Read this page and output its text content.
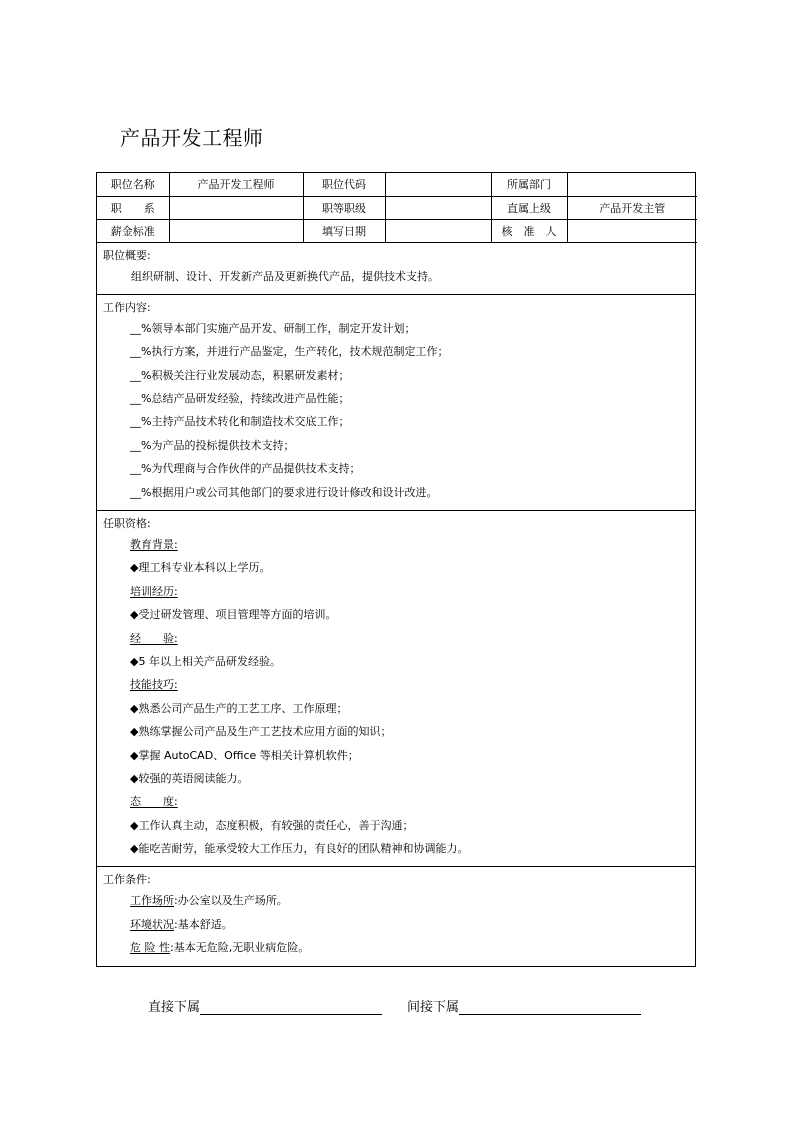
产品开发工程师
职位名称	产品开发工程师	职位代码		所属部门	
职　　系		职等职级		直属上级	产品开发主管
薪金标准		填写日期		核　准　人	
职位概要:
组织研制、设计、开发新产品及更新换代产品，提供技术支持。
工作内容:
__%领导本部门实施产品开发、研制工作，制定开发计划；
__%执行方案，并进行产品鉴定，生产转化，技术规范制定工作；
__%积极关注行业发展动态，积累研发素材；
__%总结产品研发经验，持续改进产品性能；
__%主持产品技术转化和制造技术交底工作；
__%为产品的投标提供技术支持；
__%为代理商与合作伙伴的产品提供技术支持；
__%根据用户或公司其他部门的要求进行设计修改和设计改进。
任职资格:
教育背景:
◆理工科专业本科以上学历。
培训经历:
◆受过研发管理、项目管理等方面的培训。
经　　验:
◆5 年以上相关产品研发经验。
技能技巧:
◆熟悉公司产品生产的工艺工序、工作原理；
◆熟练掌握公司产品及生产工艺技术应用方面的知识；
◆掌握 AutoCAD、Office 等相关计算机软件；
◆较强的英语阅读能力。
态　　度:
◆工作认真主动，态度积极，有较强的责任心，善于沟通；
◆能吃苦耐劳，能承受较大工作压力，有良好的团队精神和协调能力。
工作条件:
工作场所:办公室以及生产场所。
环境状况:基本舒适。
危 险 性:基本无危险,无职业病危险。
直接下属	间接下属
